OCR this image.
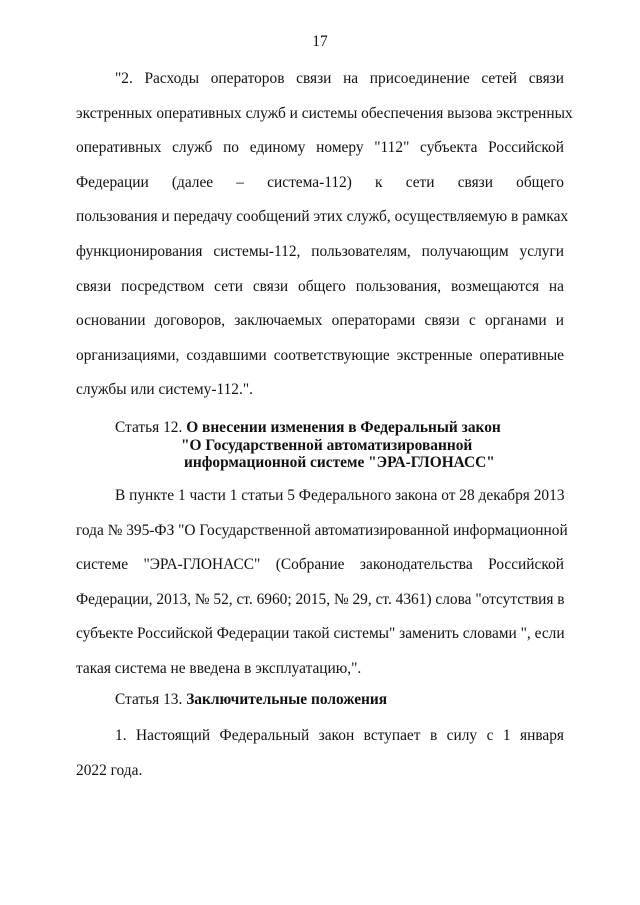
17

"2. Расходы операторов связи на присоединение сетей связи
экстренных оперативных служб и системы обеспечения вызова экстренных
оперативных служб по единому номеру "112" субъекта Российской
Федерации (далее – система-112) к сети связи общего
пользования и передачу сообщений этих служб, осуществляемую в рамках
функционирования системы-112, пользователям, получающим услуги
связи посредством сети связи общего пользования, возмещаются на
основании договоров, заключаемых операторами связи с органами и
организациями, создавшими соответствующие экстренные оперативные
службы или систему-112.".

Статья 12. О внесении изменения в Федеральный закон
"О Государственной автоматизированной
информационной системе "ЭРА-ГЛОНАСС"

В пункте 1 части 1 статьи 5 Федерального закона от 28 декабря 2013
года № 395-ФЗ "О Государственной автоматизированной информационной
системе "ЭРА-ГЛОНАСС" (Собрание законодательства Российской
Федерации, 2013, № 52, ст. 6960; 2015, № 29, ст. 4361) слова "отсутствия в
субъекте Российской Федерации такой системы" заменить словами ", если
такая система не введена в эксплуатацию,".

Статья 13. Заключительные положения

1. Настоящий Федеральный закон вступает в силу с 1 января
2022 года.
